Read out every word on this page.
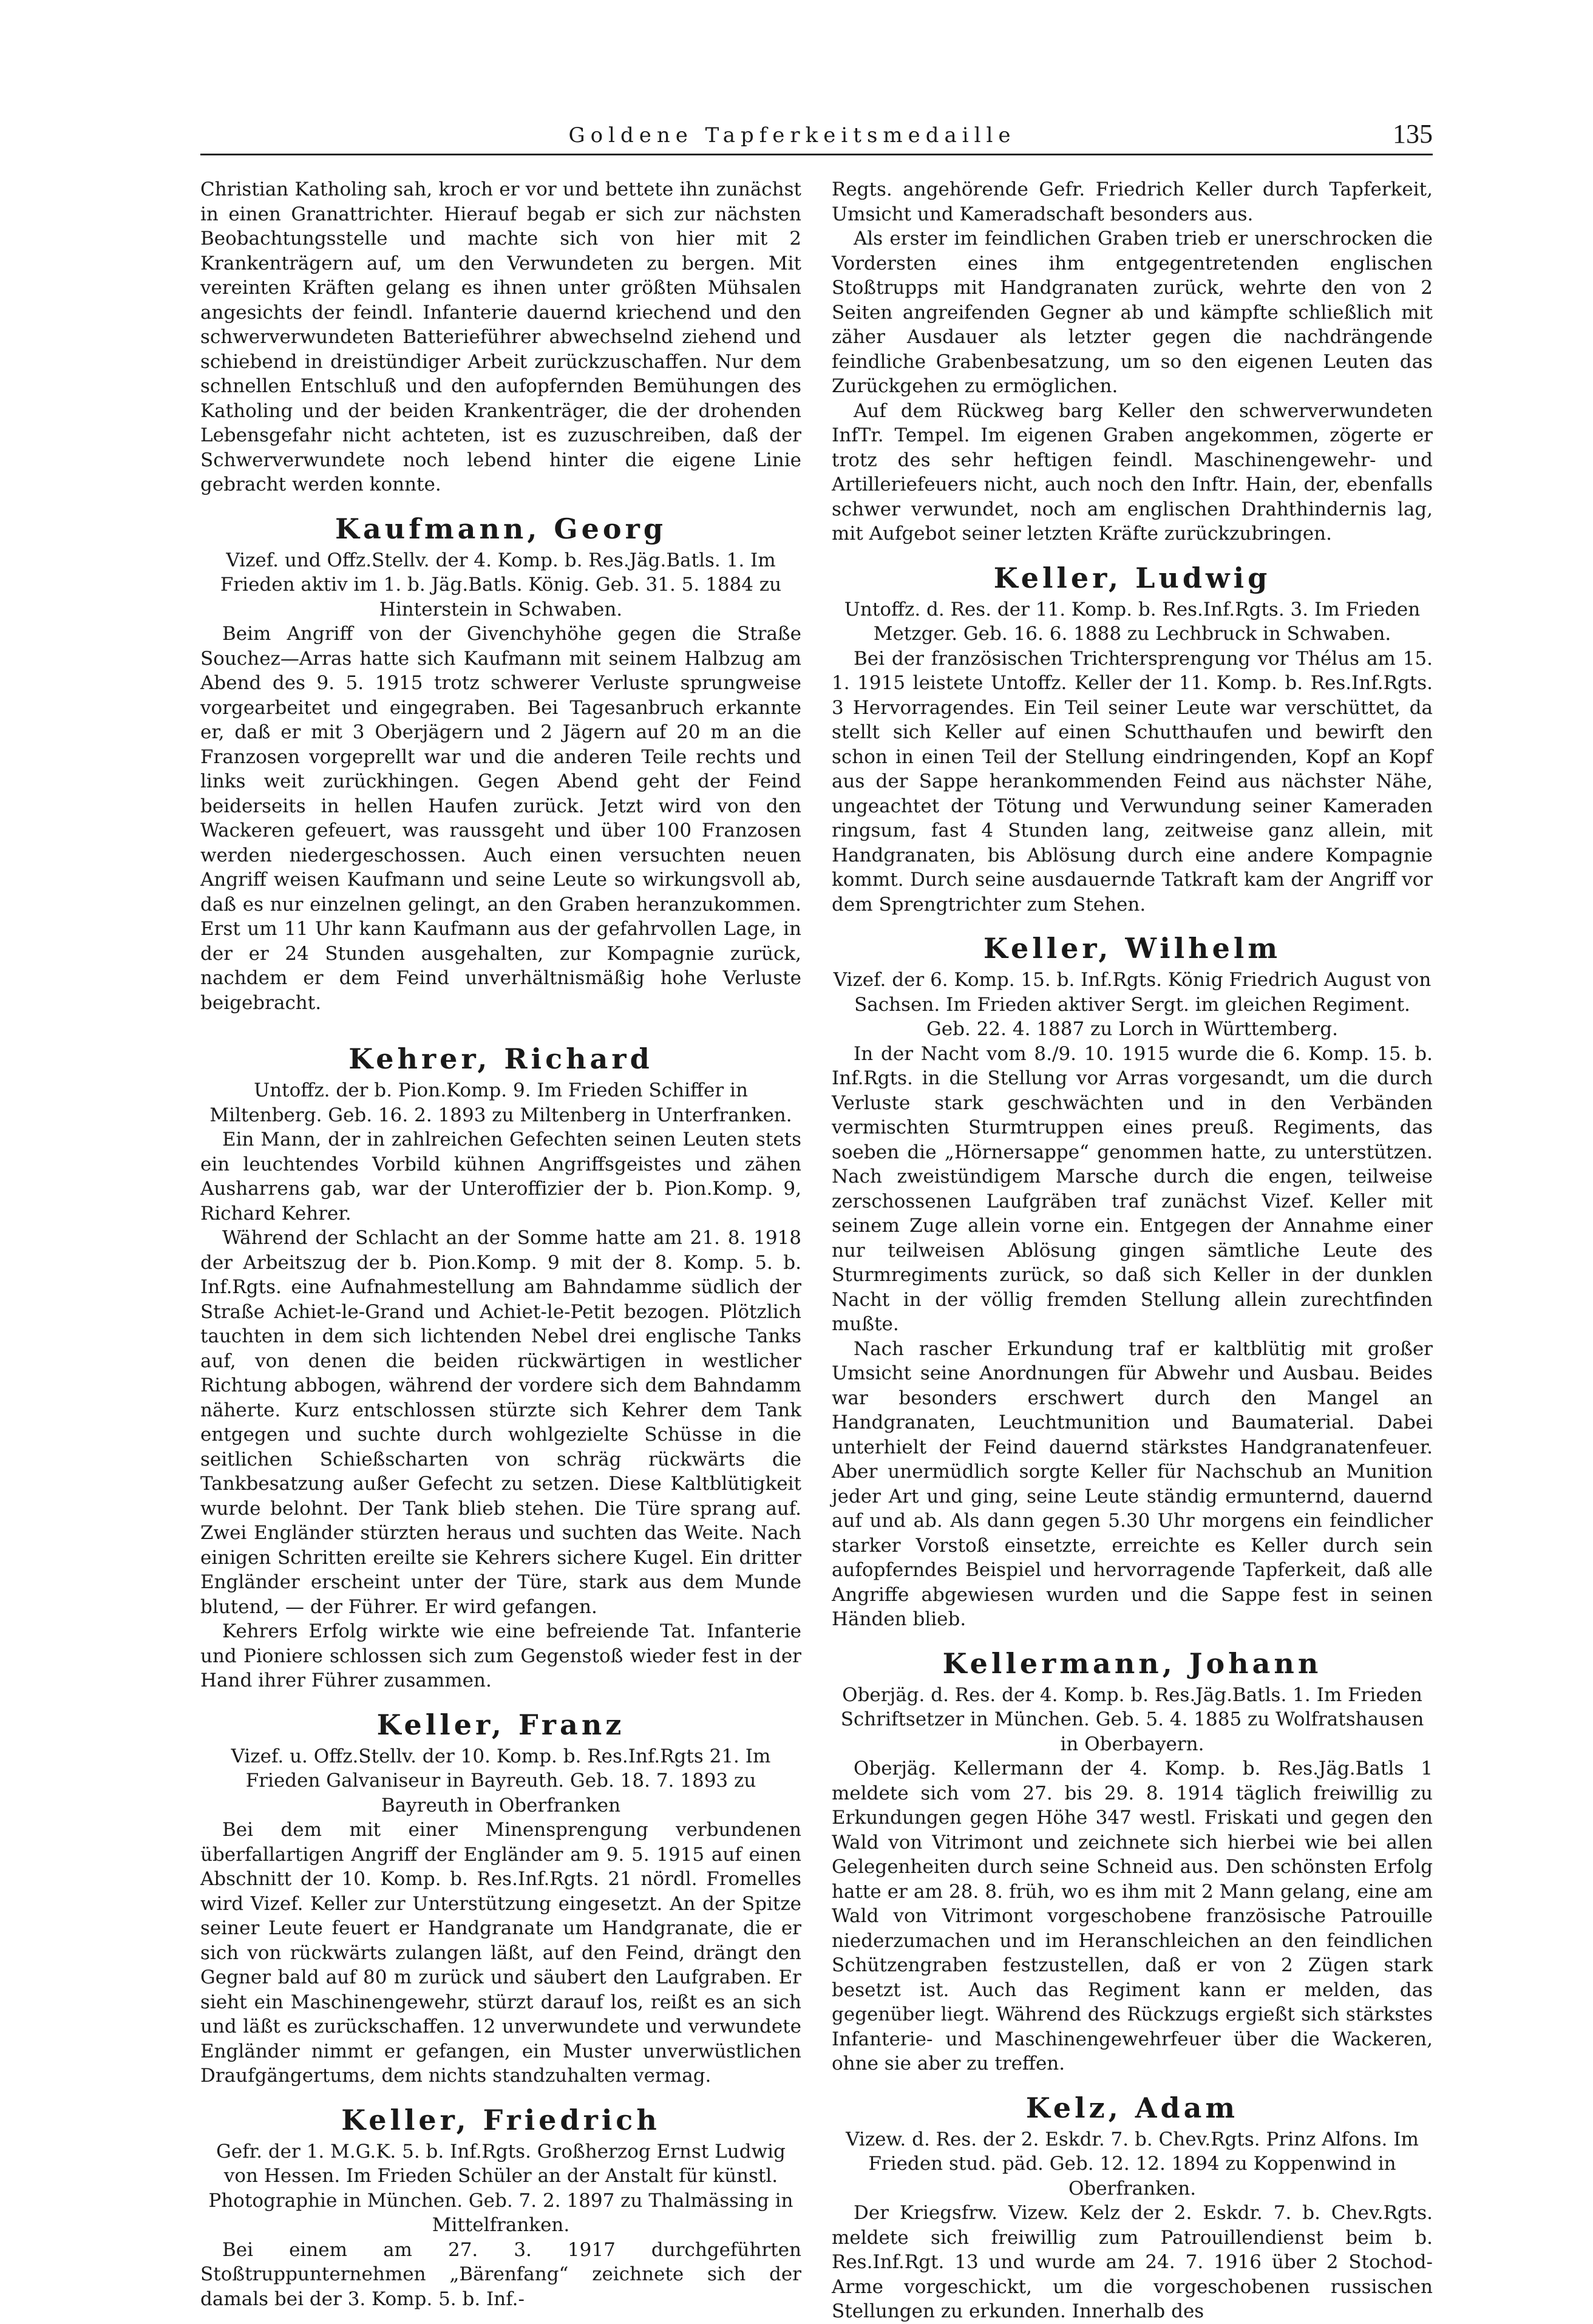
Goldene Tapferkeitsmedaille	135

Christian Katholing sah, kroch er vor und bettete ihn zunächst in einen Granattrichter. Hierauf begab er sich zur nächsten Beobachtungsstelle und machte sich von hier mit 2 Krankenträgern auf, um den Verwundeten zu bergen. Mit vereinten Kräften gelang es ihnen unter größten Mühsalen angesichts der feindl. Infanterie dauernd kriechend und den schwerverwundeten Batterieführer abwechselnd ziehend und schiebend in dreistündiger Arbeit zurückzuschaffen. Nur dem schnellen Entschluß und den aufopfernden Bemühungen des Katholing und der beiden Krankenträger, die der drohenden Lebensgefahr nicht achteten, ist es zuzuschreiben, daß der Schwerverwundete noch lebend hinter die eigene Linie gebracht werden konnte.

Kaufmann, Georg

Vizef. und Offz.Stellv. der 4. Komp. b. Res.Jäg.Batls. 1. Im Frieden aktiv im 1. b. Jäg.Batls. König. Geb. 31. 5. 1884 zu Hinterstein in Schwaben.

Beim Angriff von der Givenchyhöhe gegen die Straße Souchez—Arras hatte sich Kaufmann mit seinem Halbzug am Abend des 9. 5. 1915 trotz schwerer Verluste sprungweise vorgearbeitet und eingegraben. Bei Tagesanbruch erkannte er, daß er mit 3 Oberjägern und 2 Jägern auf 20 m an die Franzosen vorgeprellt war und die anderen Teile rechts und links weit zurückhingen. Gegen Abend geht der Feind beiderseits in hellen Haufen zurück. Jetzt wird von den Wackeren gefeuert, was raussgeht und über 100 Franzosen werden niedergeschossen. Auch einen versuchten neuen Angriff weisen Kaufmann und seine Leute so wirkungsvoll ab, daß es nur einzelnen gelingt, an den Graben heranzukommen. Erst um 11 Uhr kann Kaufmann aus der gefahrvollen Lage, in der er 24 Stunden ausgehalten, zur Kompagnie zurück, nachdem er dem Feind unverhältnismäßig hohe Verluste beigebracht.

Kehrer, Richard

Untoffz. der b. Pion.Komp. 9. Im Frieden Schiffer in Miltenberg. Geb. 16. 2. 1893 zu Miltenberg in Unterfranken.

Ein Mann, der in zahlreichen Gefechten seinen Leuten stets ein leuchtendes Vorbild kühnen Angriffsgeistes und zähen Ausharrens gab, war der Unteroffizier der b. Pion.Komp. 9, Richard Kehrer.

Während der Schlacht an der Somme hatte am 21. 8. 1918 der Arbeitszug der b. Pion.Komp. 9 mit der 8. Komp. 5. b. Inf.Rgts. eine Aufnahmestellung am Bahndamme südlich der Straße Achiet-le-Grand und Achiet-le-Petit bezogen. Plötzlich tauchten in dem sich lichtenden Nebel drei englische Tanks auf, von denen die beiden rückwärtigen in westlicher Richtung abbogen, während der vordere sich dem Bahndamm näherte. Kurz entschlossen stürzte sich Kehrer dem Tank entgegen und suchte durch wohlgezielte Schüsse in die seitlichen Schießscharten von schräg rückwärts die Tankbesatzung außer Gefecht zu setzen. Diese Kaltblütigkeit wurde belohnt. Der Tank blieb stehen. Die Türe sprang auf. Zwei Engländer stürzten heraus und suchten das Weite. Nach einigen Schritten ereilte sie Kehrers sichere Kugel. Ein dritter Engländer erscheint unter der Türe, stark aus dem Munde blutend, — der Führer. Er wird gefangen.

Kehrers Erfolg wirkte wie eine befreiende Tat. Infanterie und Pioniere schlossen sich zum Gegenstoß wieder fest in der Hand ihrer Führer zusammen.

Keller, Franz

Vizef. u. Offz.Stellv. der 10. Komp. b. Res.Inf.Rgts 21. Im Frieden Galvaniseur in Bayreuth. Geb. 18. 7. 1893 zu Bayreuth in Oberfranken

Bei dem mit einer Minensprengung verbundenen überfallartigen Angriff der Engländer am 9. 5. 1915 auf einen Abschnitt der 10. Komp. b. Res.Inf.Rgts. 21 nördl. Fromelles wird Vizef. Keller zur Unterstützung eingesetzt. An der Spitze seiner Leute feuert er Handgranate um Handgranate, die er sich von rückwärts zulangen läßt, auf den Feind, drängt den Gegner bald auf 80 m zurück und säubert den Laufgraben. Er sieht ein Maschinengewehr, stürzt darauf los, reißt es an sich und läßt es zurückschaffen. 12 unverwundete und verwundete Engländer nimmt er gefangen, ein Muster unverwüstlichen Draufgängertums, dem nichts standzuhalten vermag.

Keller, Friedrich

Gefr. der 1. M.G.K. 5. b. Inf.Rgts. Großherzog Ernst Ludwig von Hessen. Im Frieden Schüler an der Anstalt für künstl. Photographie in München. Geb. 7. 2. 1897 zu Thalmässing in Mittelfranken.

Bei einem am 27. 3. 1917 durchgeführten Stoßtruppunternehmen „Bärenfang“ zeichnete sich der damals bei der 3. Komp. 5. b. Inf.-

Regts. angehörende Gefr. Friedrich Keller durch Tapferkeit, Umsicht und Kameradschaft besonders aus.

Als erster im feindlichen Graben trieb er unerschrocken die Vordersten eines ihm entgegentretenden englischen Stoßtrupps mit Handgranaten zurück, wehrte den von 2 Seiten angreifenden Gegner ab und kämpfte schließlich mit zäher Ausdauer als letzter gegen die nachdrängende feindliche Grabenbesatzung, um so den eigenen Leuten das Zurückgehen zu ermöglichen.

Auf dem Rückweg barg Keller den schwerverwundeten InfTr. Tempel. Im eigenen Graben angekommen, zögerte er trotz des sehr heftigen feindl. Maschinengewehr- und Artilleriefeuers nicht, auch noch den Inftr. Hain, der, ebenfalls schwer verwundet, noch am englischen Drahthindernis lag, mit Aufgebot seiner letzten Kräfte zurückzubringen.

Keller, Ludwig

Untoffz. d. Res. der 11. Komp. b. Res.Inf.Rgts. 3. Im Frieden Metzger. Geb. 16. 6. 1888 zu Lechbruck in Schwaben.

Bei der französischen Trichtersprengung vor Thélus am 15. 1. 1915 leistete Untoffz. Keller der 11. Komp. b. Res.Inf.Rgts. 3 Hervorragendes. Ein Teil seiner Leute war verschüttet, da stellt sich Keller auf einen Schutthaufen und bewirft den schon in einen Teil der Stellung eindringenden, Kopf an Kopf aus der Sappe herankommenden Feind aus nächster Nähe, ungeachtet der Tötung und Verwundung seiner Kameraden ringsum, fast 4 Stunden lang, zeitweise ganz allein, mit Handgranaten, bis Ablösung durch eine andere Kompagnie kommt. Durch seine ausdauernde Tatkraft kam der Angriff vor dem Sprengtrichter zum Stehen.

Keller, Wilhelm

Vizef. der 6. Komp. 15. b. Inf.Rgts. König Friedrich August von Sachsen. Im Frieden aktiver Sergt. im gleichen Regiment. Geb. 22. 4. 1887 zu Lorch in Württemberg.

In der Nacht vom 8./9. 10. 1915 wurde die 6. Komp. 15. b. Inf.Rgts. in die Stellung vor Arras vorgesandt, um die durch Verluste stark geschwächten und in den Verbänden vermischten Sturmtruppen eines preuß. Regiments, das soeben die „Hörnersappe“ genommen hatte, zu unterstützen. Nach zweistündigem Marsche durch die engen, teilweise zerschossenen Laufgräben traf zunächst Vizef. Keller mit seinem Zuge allein vorne ein. Entgegen der Annahme einer nur teilweisen Ablösung gingen sämtliche Leute des Sturmregiments zurück, so daß sich Keller in der dunklen Nacht in der völlig fremden Stellung allein zurechtfinden mußte.

Nach rascher Erkundung traf er kaltblütig mit großer Umsicht seine Anordnungen für Abwehr und Ausbau. Beides war besonders erschwert durch den Mangel an Handgranaten, Leuchtmunition und Baumaterial. Dabei unterhielt der Feind dauernd stärkstes Handgranatenfeuer. Aber unermüdlich sorgte Keller für Nachschub an Munition jeder Art und ging, seine Leute ständig ermunternd, dauernd auf und ab. Als dann gegen 5.30 Uhr morgens ein feindlicher starker Vorstoß einsetzte, erreichte es Keller durch sein aufopferndes Beispiel und hervorragende Tapferkeit, daß alle Angriffe abgewiesen wurden und die Sappe fest in seinen Händen blieb.

Kellermann, Johann

Oberjäg. d. Res. der 4. Komp. b. Res.Jäg.Batls. 1. Im Frieden Schriftsetzer in München. Geb. 5. 4. 1885 zu Wolfratshausen in Oberbayern.

Oberjäg. Kellermann der 4. Komp. b. Res.Jäg.Batls 1 meldete sich vom 27. bis 29. 8. 1914 täglich freiwillig zu Erkundungen gegen Höhe 347 westl. Friskati und gegen den Wald von Vitrimont und zeichnete sich hierbei wie bei allen Gelegenheiten durch seine Schneid aus. Den schönsten Erfolg hatte er am 28. 8. früh, wo es ihm mit 2 Mann gelang, eine am Wald von Vitrimont vorgeschobene französische Patrouille niederzumachen und im Heranschleichen an den feindlichen Schützengraben festzustellen, daß er von 2 Zügen stark besetzt ist. Auch das Regiment kann er melden, das gegenüber liegt. Während des Rückzugs ergießt sich stärkstes Infanterie- und Maschinengewehrfeuer über die Wackeren, ohne sie aber zu treffen.

Kelz, Adam

Vizew. d. Res. der 2. Eskdr. 7. b. Chev.Rgts. Prinz Alfons. Im Frieden stud. päd. Geb. 12. 12. 1894 zu Koppenwind in Oberfranken.

Der Kriegsfrw. Vizew. Kelz der 2. Eskdr. 7. b. Chev.Rgts. meldete sich freiwillig zum Patrouillendienst beim b. Res.Inf.Rgt. 13 und wurde am 24. 7. 1916 über 2 Stochod-Arme vorgeschickt, um die vorgeschobenen russischen Stellungen zu erkunden. Innerhalb des
